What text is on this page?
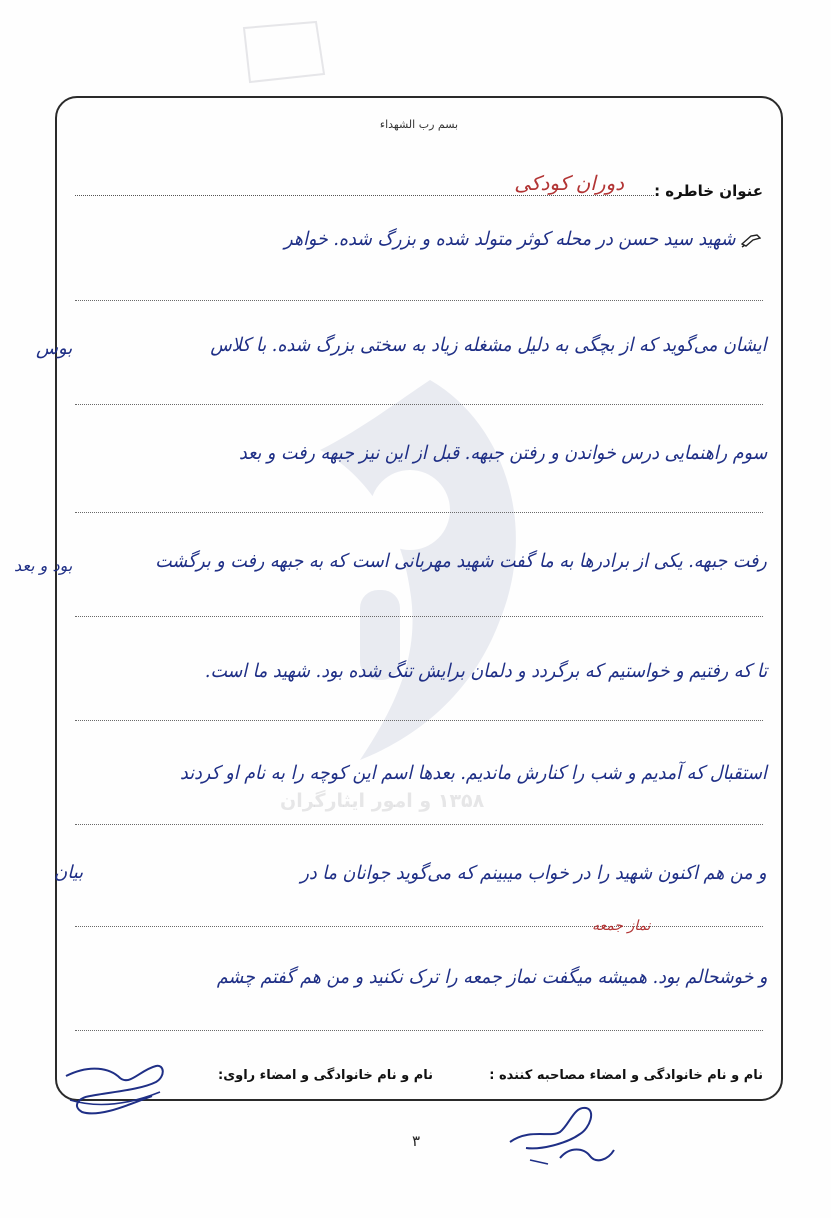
۱۳۵۸ و امور ایثارگران
بسم رب الشهداء
عنوان خاطره :
دوران کودکی
شهید سید حسن در محله کوثر متولد شده و بزرگ شده. خواهر
ایشان می‌گوید که از بچگی به دلیل مشغله زیاد به سختی بزرگ شده. با کلاس
سوم راهنمایی درس خواندن و رفتن جبهه. قبل از این نیز جبهه رفت و بعد
رفت جبهه. یکی از برادرها به ما گفت شهید مهربانی است که به جبهه رفت و برگشت
تا که رفتیم و خواستیم که برگردد و دلمان برایش تنگ شده بود. شهید ما است.
استقبال که آمدیم و شب را کنارش ماندیم. بعدها اسم این کوچه را به نام او کردند
و من هم اکنون شهید را در خواب میبینم که می‌گوید جوانان ما در
و خوشحالم بود. همیشه میگفت نماز جمعه را ترک نکنید و من هم گفتم چشم
نام و نام خانوادگی و امضاء مصاحبه کننده :
نام و نام خانوادگی و امضاء راوی:
بوس
بود و بعد
بیان
نماز جمعه
۳
